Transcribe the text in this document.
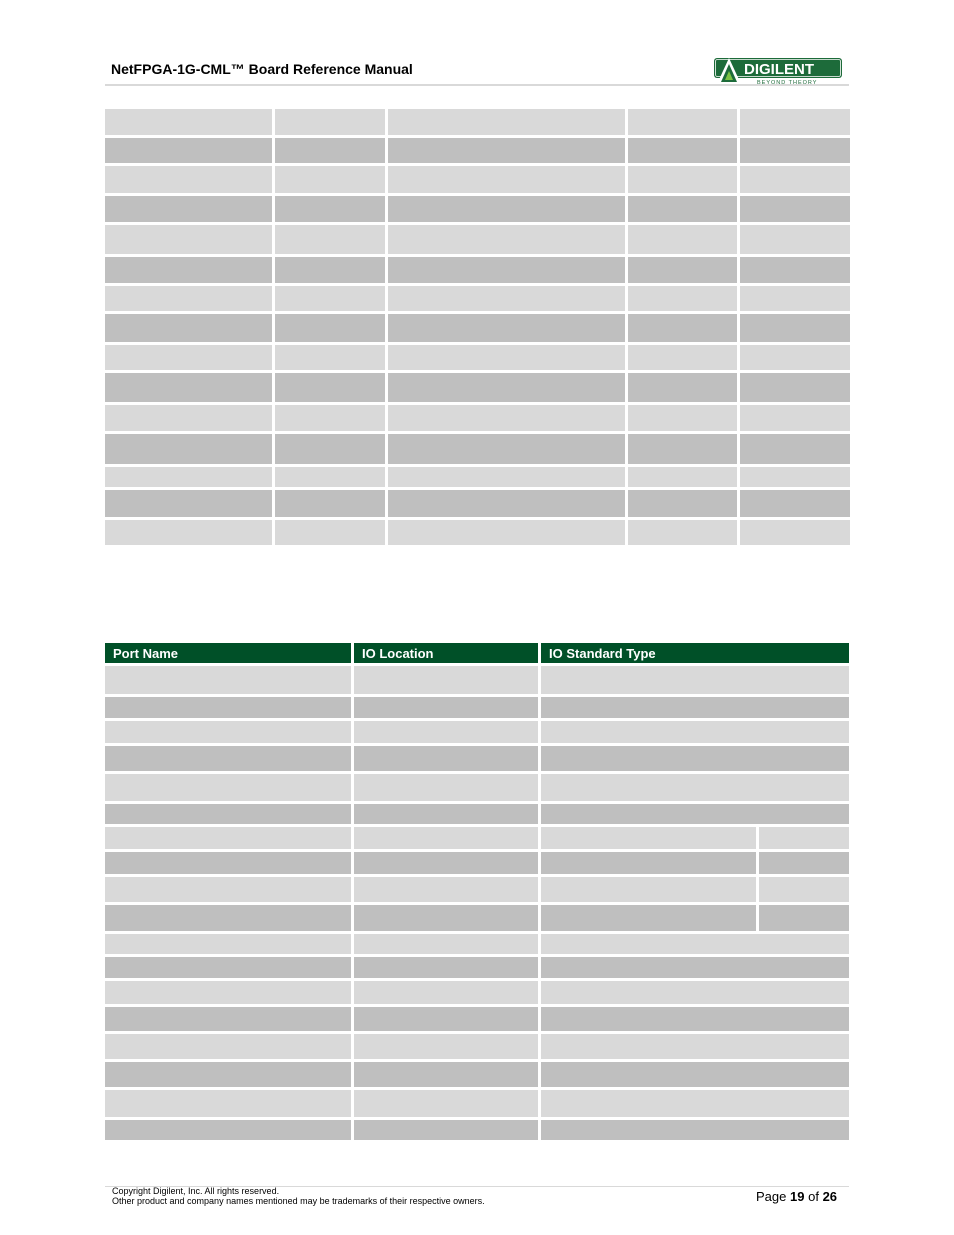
NetFPGA-1G-CML™ Board Reference Manual	DIGILENT
BEYOND THEORY

Port Name	IO Location	IO Standard Type	

Copyright Digilent, Inc. All rights reserved.
Other product and company names mentioned may be trademarks of their respective owners.	Page 19 of 26
